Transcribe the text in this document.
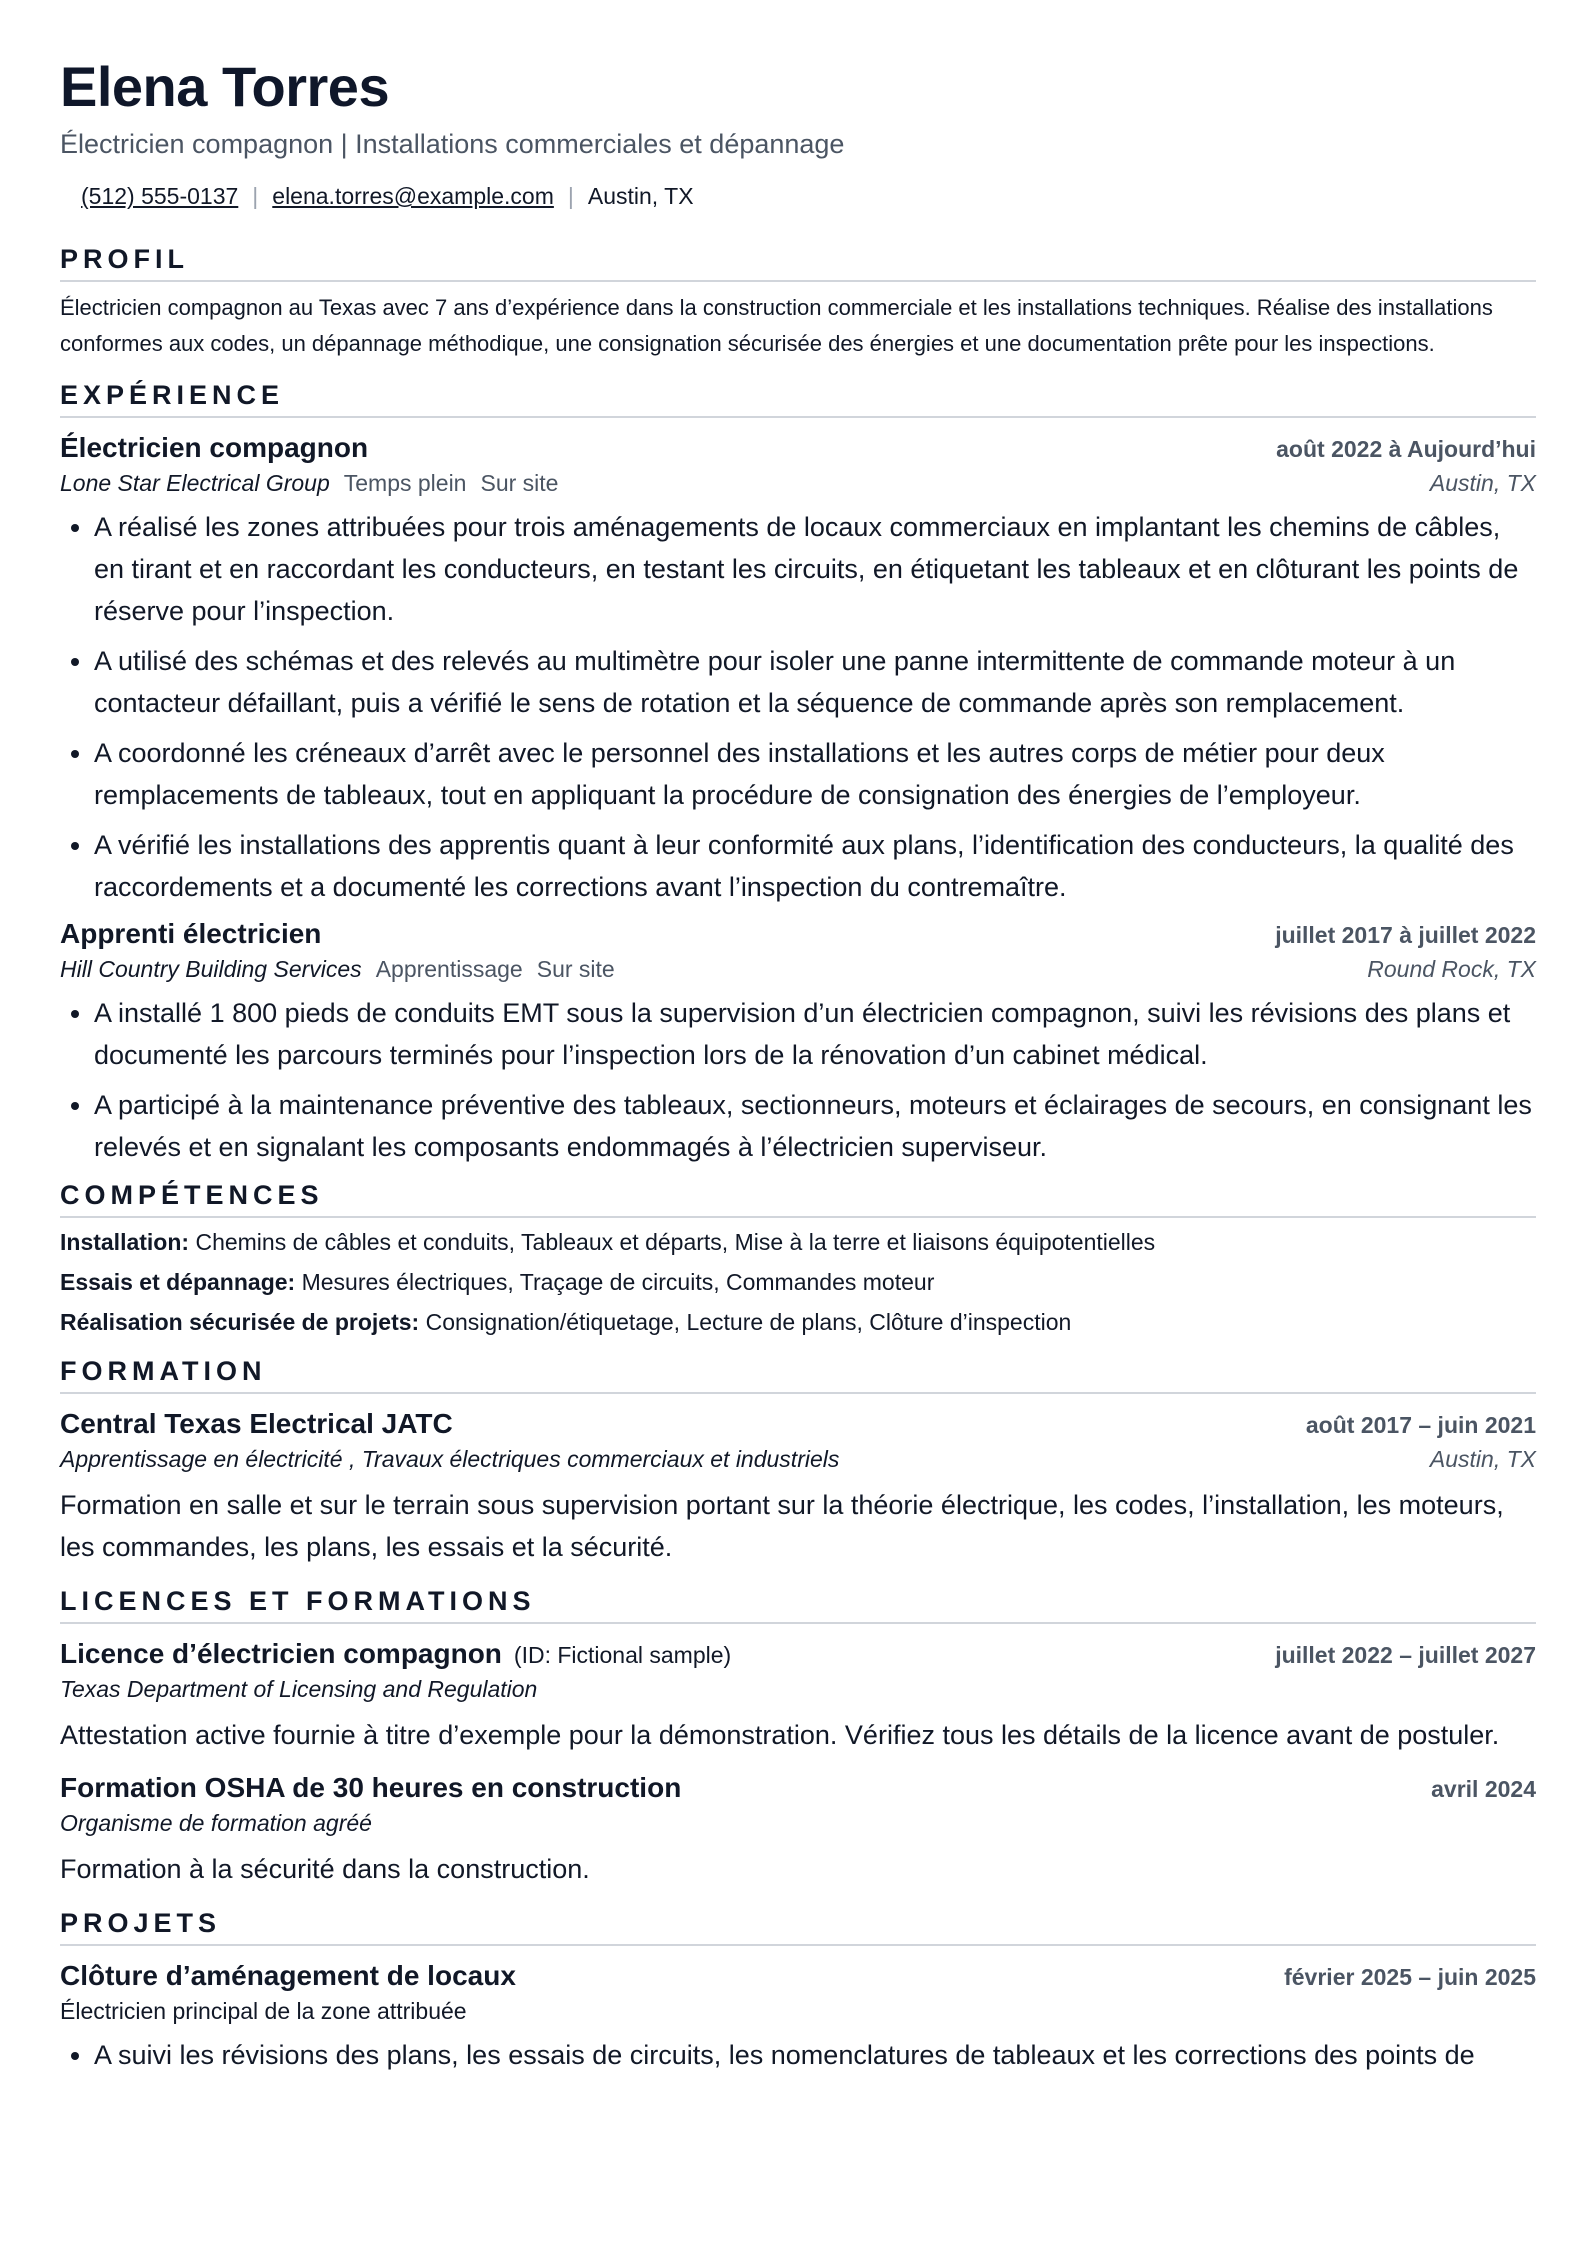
Elena Torres
Électricien compagnon | Installations commerciales et dépannage
(512) 555-0137 | elena.torres@example.com | Austin, TX
PROFIL
Électricien compagnon au Texas avec 7 ans d’expérience dans la construction commerciale et les installations techniques. Réalise des installations conformes aux codes, un dépannage méthodique, une consignation sécurisée des énergies et une documentation prête pour les inspections.
EXPÉRIENCE
Électricien compagnon	août 2022 à Aujourd’hui
Lone Star Electrical Group Temps plein Sur site	Austin, TX
• A réalisé les zones attribuées pour trois aménagements de locaux commerciaux en implantant les chemins de câbles, en tirant et en raccordant les conducteurs, en testant les circuits, en étiquetant les tableaux et en clôturant les points de réserve pour l’inspection.
• A utilisé des schémas et des relevés au multimètre pour isoler une panne intermittente de commande moteur à un contacteur défaillant, puis a vérifié le sens de rotation et la séquence de commande après son remplacement.
• A coordonné les créneaux d’arrêt avec le personnel des installations et les autres corps de métier pour deux remplacements de tableaux, tout en appliquant la procédure de consignation des énergies de l’employeur.
• A vérifié les installations des apprentis quant à leur conformité aux plans, l’identification des conducteurs, la qualité des raccordements et a documenté les corrections avant l’inspection du contremaître.
Apprenti électricien	juillet 2017 à juillet 2022
Hill Country Building Services Apprentissage Sur site	Round Rock, TX
• A installé 1 800 pieds de conduits EMT sous la supervision d’un électricien compagnon, suivi les révisions des plans et documenté les parcours terminés pour l’inspection lors de la rénovation d’un cabinet médical.
• A participé à la maintenance préventive des tableaux, sectionneurs, moteurs et éclairages de secours, en consignant les relevés et en signalant les composants endommagés à l’électricien superviseur.
COMPÉTENCES
Installation: Chemins de câbles et conduits, Tableaux et départs, Mise à la terre et liaisons équipotentielles
Essais et dépannage: Mesures électriques, Traçage de circuits, Commandes moteur
Réalisation sécurisée de projets: Consignation/étiquetage, Lecture de plans, Clôture d’inspection
FORMATION
Central Texas Electrical JATC	août 2017 – juin 2021
Apprentissage en électricité , Travaux électriques commerciaux et industriels	Austin, TX
Formation en salle et sur le terrain sous supervision portant sur la théorie électrique, les codes, l’installation, les moteurs, les commandes, les plans, les essais et la sécurité.
LICENCES ET FORMATIONS
Licence d’électricien compagnon (ID: Fictional sample)	juillet 2022 – juillet 2027
Texas Department of Licensing and Regulation
Attestation active fournie à titre d’exemple pour la démonstration. Vérifiez tous les détails de la licence avant de postuler.
Formation OSHA de 30 heures en construction	avril 2024
Organisme de formation agréé
Formation à la sécurité dans la construction.
PROJETS
Clôture d’aménagement de locaux	février 2025 – juin 2025
Électricien principal de la zone attribuée
• A suivi les révisions des plans, les essais de circuits, les nomenclatures de tableaux et les corrections des points de
